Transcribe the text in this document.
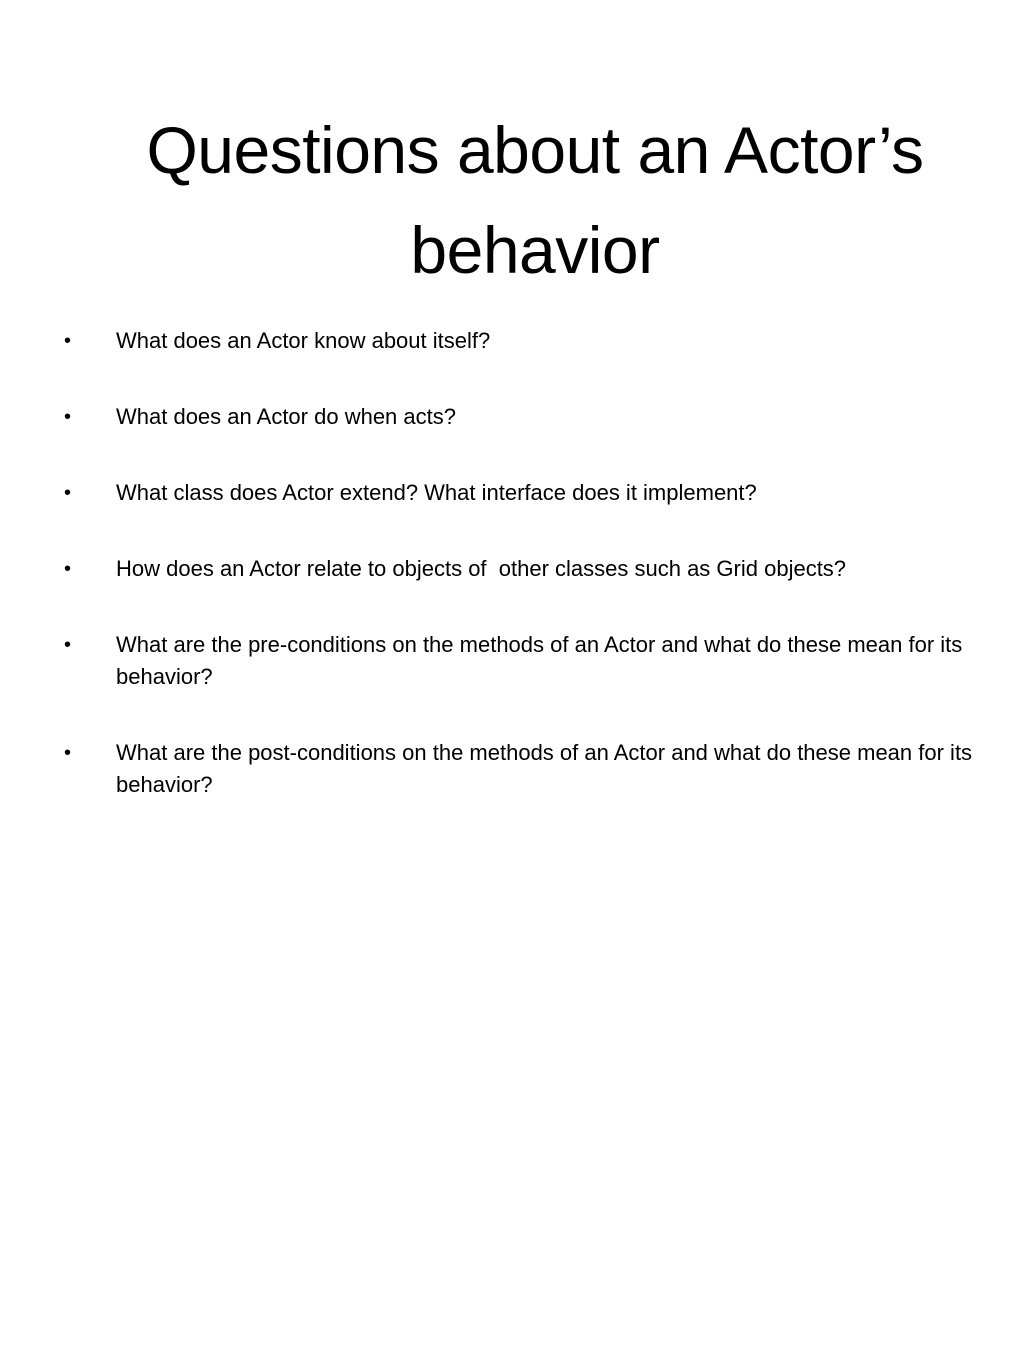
Questions about an Actor’s behavior
• What does an Actor know about itself?
• What does an Actor do when acts?
• What class does Actor extend? What interface does it implement?
• How does an Actor relate to objects of  other classes such as Grid objects?
• What are the pre-conditions on the methods of an Actor and what do these mean for its behavior?
• What are the post-conditions on the methods of an Actor and what do these mean for its behavior?
